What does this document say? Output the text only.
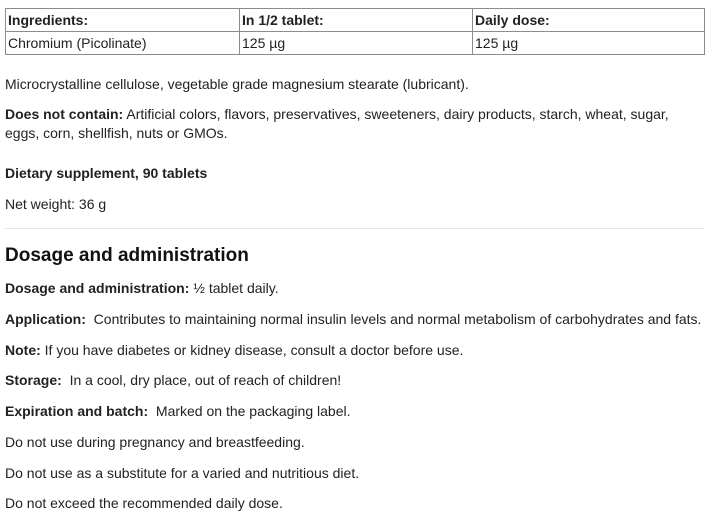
Ingredients:	In 1/2 tablet:	Daily dose:
Chromium (Picolinate)	125 µg	125 µg

Microcrystalline cellulose, vegetable grade magnesium stearate (lubricant).

Does not contain: Artificial colors, flavors, preservatives, sweeteners, dairy products, starch, wheat, sugar, eggs, corn, shellfish, nuts or GMOs.

Dietary supplement, 90 tablets

Net weight: 36 g

Dosage and administration

Dosage and administration: ½ tablet daily.

Application:  Contributes to maintaining normal insulin levels and normal metabolism of carbohydrates and fats.

Note: If you have diabetes or kidney disease, consult a doctor before use.

Storage:  In a cool, dry place, out of reach of children!

Expiration and batch:  Marked on the packaging label.

Do not use during pregnancy and breastfeeding.

Do not use as a substitute for a varied and nutritious diet.

Do not exceed the recommended daily dose.
